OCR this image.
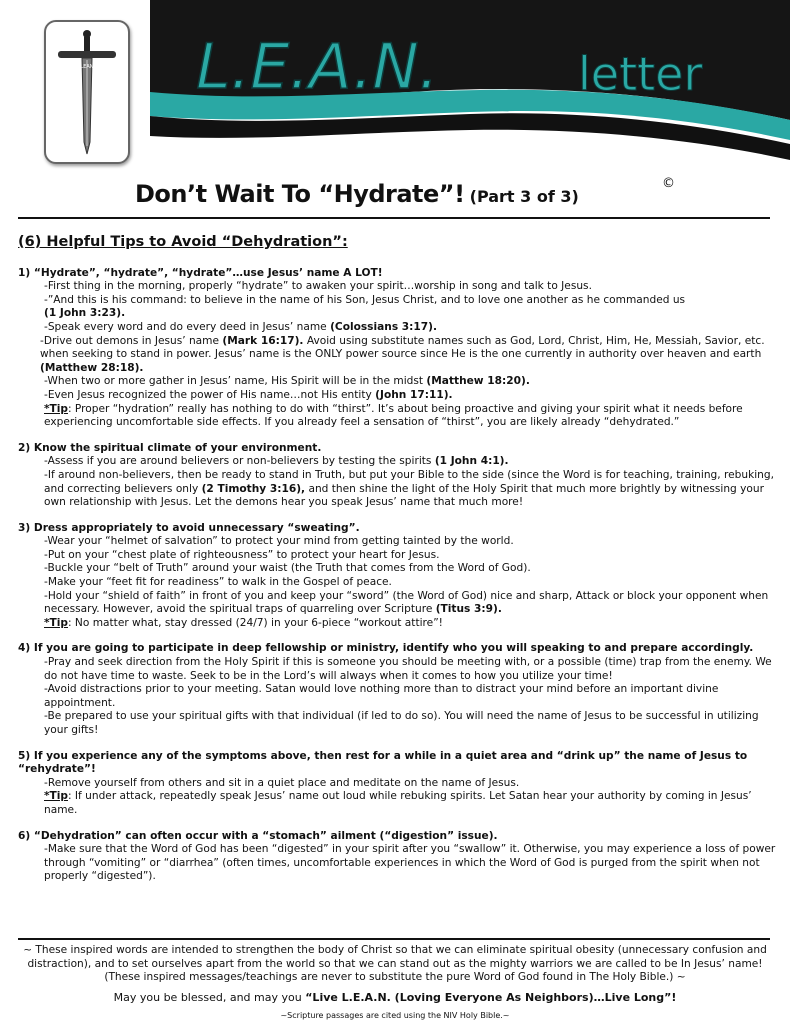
L.E.A.N.	letter
LEAN
Don’t Wait To “Hydrate”! (Part 3 of 3)
©
(6) Helpful Tips to Avoid “Dehydration”:
1) “Hydrate”, “hydrate”, “hydrate”…use Jesus’ name A LOT!
-First thing in the morning, properly “hydrate” to awaken your spirit…worship in song and talk to Jesus.
-”And this is his command: to believe in the name of his Son, Jesus Christ, and to love one another as he commanded us
(1 John 3:23).
-Speak every word and do every deed in Jesus’ name (Colossians 3:17).
-Drive out demons in Jesus’ name (Mark 16:17). Avoid using substitute names such as God, Lord, Christ, Him, He, Messiah, Savior, etc. when seeking to stand in power. Jesus’ name is the ONLY power source since He is the one currently in authority over heaven and earth (Matthew 28:18).
-When two or more gather in Jesus’ name, His Spirit will be in the midst (Matthew 18:20).
-Even Jesus recognized the power of His name…not His entity (John 17:11).
*Tip: Proper “hydration” really has nothing to do with “thirst”. It’s about being proactive and giving your spirit what it needs before experiencing uncomfortable side effects. If you already feel a sensation of “thirst”, you are likely already “dehydrated.”
2) Know the spiritual climate of your environment.
-Assess if you are around believers or non-believers by testing the spirits (1 John 4:1).
-If around non-believers, then be ready to stand in Truth, but put your Bible to the side (since the Word is for teaching, training, rebuking, and correcting believers only (2 Timothy 3:16), and then shine the light of the Holy Spirit that much more brightly by witnessing your own relationship with Jesus. Let the demons hear you speak Jesus’ name that much more!
3) Dress appropriately to avoid unnecessary “sweating”.
-Wear your “helmet of salvation” to protect your mind from getting tainted by the world.
-Put on your “chest plate of righteousness” to protect your heart for Jesus.
-Buckle your “belt of Truth” around your waist (the Truth that comes from the Word of God).
-Make your “feet fit for readiness” to walk in the Gospel of peace.
-Hold your “shield of faith” in front of you and keep your “sword” (the Word of God) nice and sharp, Attack or block your opponent when necessary. However, avoid the spiritual traps of quarreling over Scripture (Titus 3:9).
*Tip: No matter what, stay dressed (24/7) in your 6-piece “workout attire”!
4) If you are going to participate in deep fellowship or ministry, identify who you will speaking to and prepare accordingly.
-Pray and seek direction from the Holy Spirit if this is someone you should be meeting with, or a possible (time) trap from the enemy. We do not have time to waste. Seek to be in the Lord’s will always when it comes to how you utilize your time!
-Avoid distractions prior to your meeting. Satan would love nothing more than to distract your mind before an important divine appointment.
-Be prepared to use your spiritual gifts with that individual (if led to do so). You will need the name of Jesus to be successful in utilizing your gifts!
5) If you experience any of the symptoms above, then rest for a while in a quiet area and “drink up” the name of Jesus to “rehydrate”!
-Remove yourself from others and sit in a quiet place and meditate on the name of Jesus.
*Tip: If under attack, repeatedly speak Jesus’ name out loud while rebuking spirits. Let Satan hear your authority by coming in Jesus’ name.
6) “Dehydration” can often occur with a “stomach” ailment (“digestion” issue).
-Make sure that the Word of God has been “digested” in your spirit after you “swallow” it. Otherwise, you may experience a loss of power through “vomiting” or “diarrhea” (often times, uncomfortable experiences in which the Word of God is purged from the spirit when not properly “digested”).
~ These inspired words are intended to strengthen the body of Christ so that we can eliminate spiritual obesity (unnecessary confusion and distraction), and to set ourselves apart from the world so that we can stand out as the mighty warriors we are called to be In Jesus’ name! (These inspired messages/teachings are never to substitute the pure Word of God found in The Holy Bible.) ~
May you be blessed, and may you “Live L.E.A.N. (Loving Everyone As Neighbors)…Live Long”!
~Scripture passages are cited using the NIV Holy Bible.~
